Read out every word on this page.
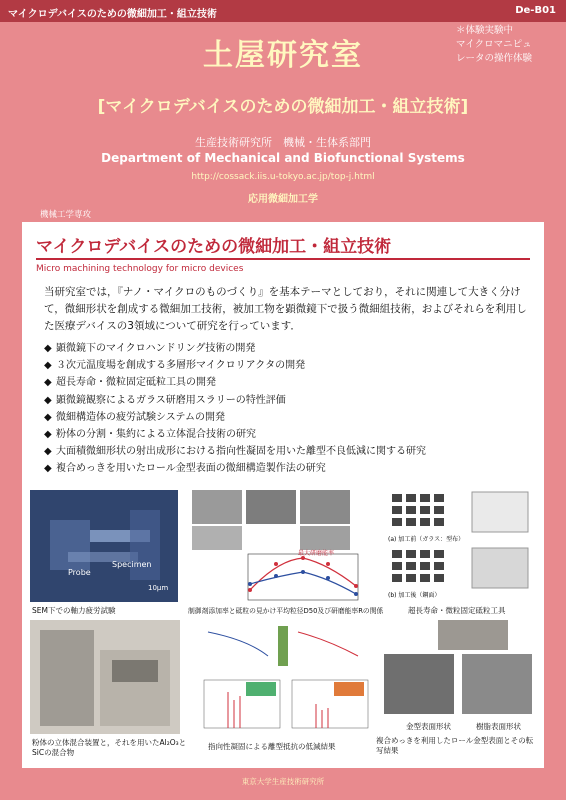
マイクロデバイスのための微細加工・組立技術	De-B01
土屋研究室
＊体験実験中
マイクロマニピュ
レータの操作体験
[マイクロデバイスのための微細加工・組立技術]
生産技術研究所　機械・生体系部門
Department of Mechanical and Biofunctional Systems
http://cossack.iis.u-tokyo.ac.jp/top-j.html
応用微細加工学
機械工学専攻
マイクロデバイスのための微細加工・組立技術
Micro machining technology for micro devices
当研究室では，『ナノ・マイクロのものづくり』を基本テーマとしており，それに関連して大きく分けて，微細形状を創成する微細加工技術，被加工物を顕微鏡下で扱う微細組技術，およびそれらを利用した医療デバイスの3領域について研究を行っています．
◆ 顕微鏡下のマイクロハンドリング技術の開発
◆ ３次元温度場を創成する多層形マイクロリアクタの開発
◆ 超長寿命・微粒固定砥粒工具の開発
◆ 顕微鏡観察によるガラス研磨用スラリーの特性評価
◆ 微細構造体の疲労試験システムの開発
◆ 粉体の分割・集約による立体混合技術の研究
◆ 大面積微細形状の射出成形における指向性凝固を用いた離型不良低減に関する研究
◆ 複合めっきを用いたロール金型表面の微細構造製作法の研究
Probe
Specimen
10μm
SEM下での軸力疲労試験
最大研磨能率
制御剤添加率と砥粒の見かけ平均粒径D50及び研磨能率Rの関係
(a) 加工前（ガラス：型布）
(b) 加工後（鋼面）
超長寿命・微粒固定砥粒工具
粉体の立体混合装置と，それを用いたAl₂O₃とSiCの混合物
指向性凝固による離型抵抗の低減結果
金型表面形状	樹脂表面形状
複合めっきを利用したロール金型表面とその転写結果
東京大学生産技術研究所
